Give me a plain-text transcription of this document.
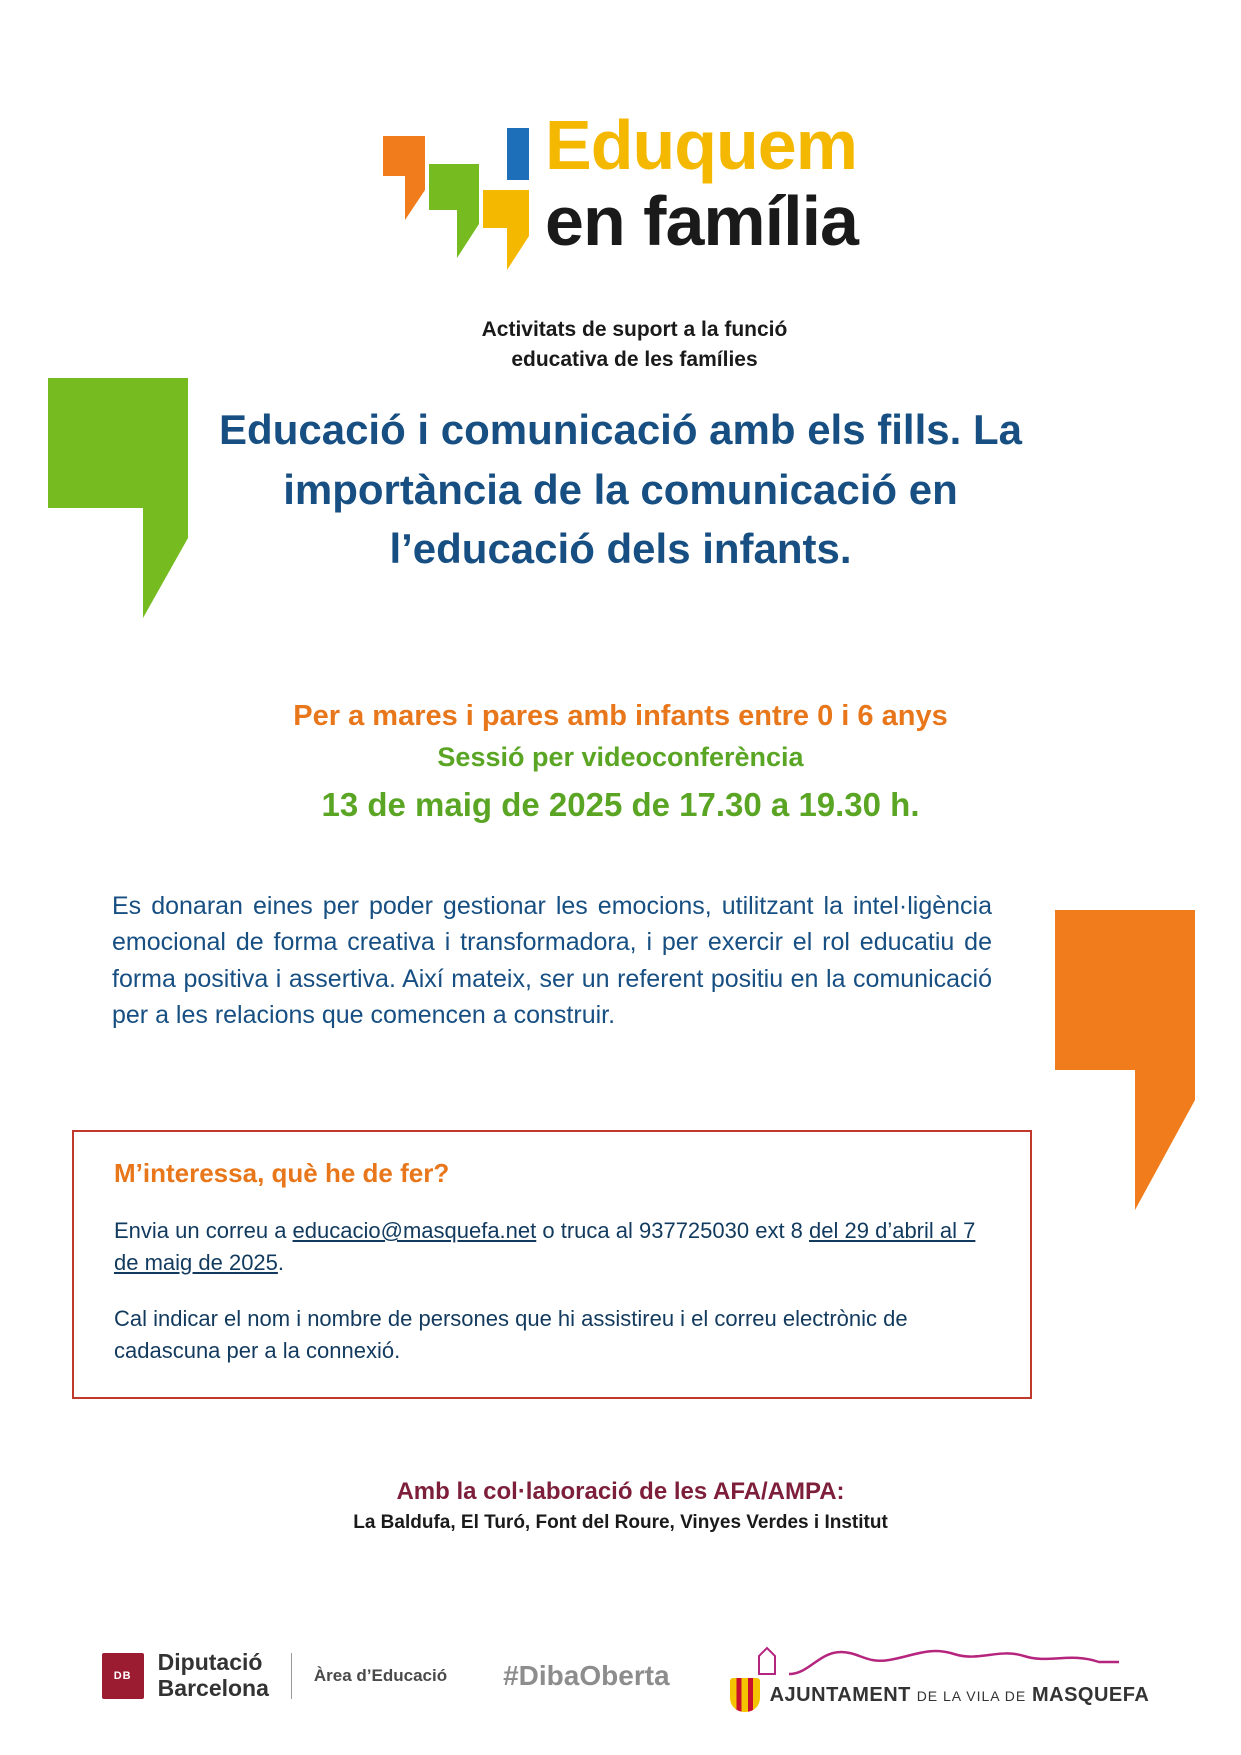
Eduquem
en família
Activitats de suport a la funció
educativa de les famílies
Educació i comunicació amb els fills. La importància de la comunicació en l’educació dels infants.
Per a mares i pares amb infants entre 0 i 6 anys
Sessió per videoconferència
13 de maig de 2025 de 17.30 a 19.30 h.

Es donaran eines per poder gestionar les emocions, utilitzant la intel·ligència emocional de forma creativa i transformadora, i per exercir el rol educatiu de forma positiva i assertiva. Així mateix, ser un referent positiu en la comunicació per a les relacions que comencen a construir.

M’interessa, què he de fer?
Envia un correu a educacio@masquefa.net o truca al 937725030 ext 8 del 29 d’abril al 7 de maig de 2025.
Cal indicar el nom i nombre de persones que hi assistireu i el correu electrònic de cadascuna per a la connexió.
Amb la col·laboració de les AFA/AMPA:
La Baldufa, El Turó, Font del Roure, Vinyes Verdes i Institut
DB
Diputació
Barcelona	Àrea d’Educació #DibaOberta
AJUNTAMENT DE LA VILA DE MASQUEFA
